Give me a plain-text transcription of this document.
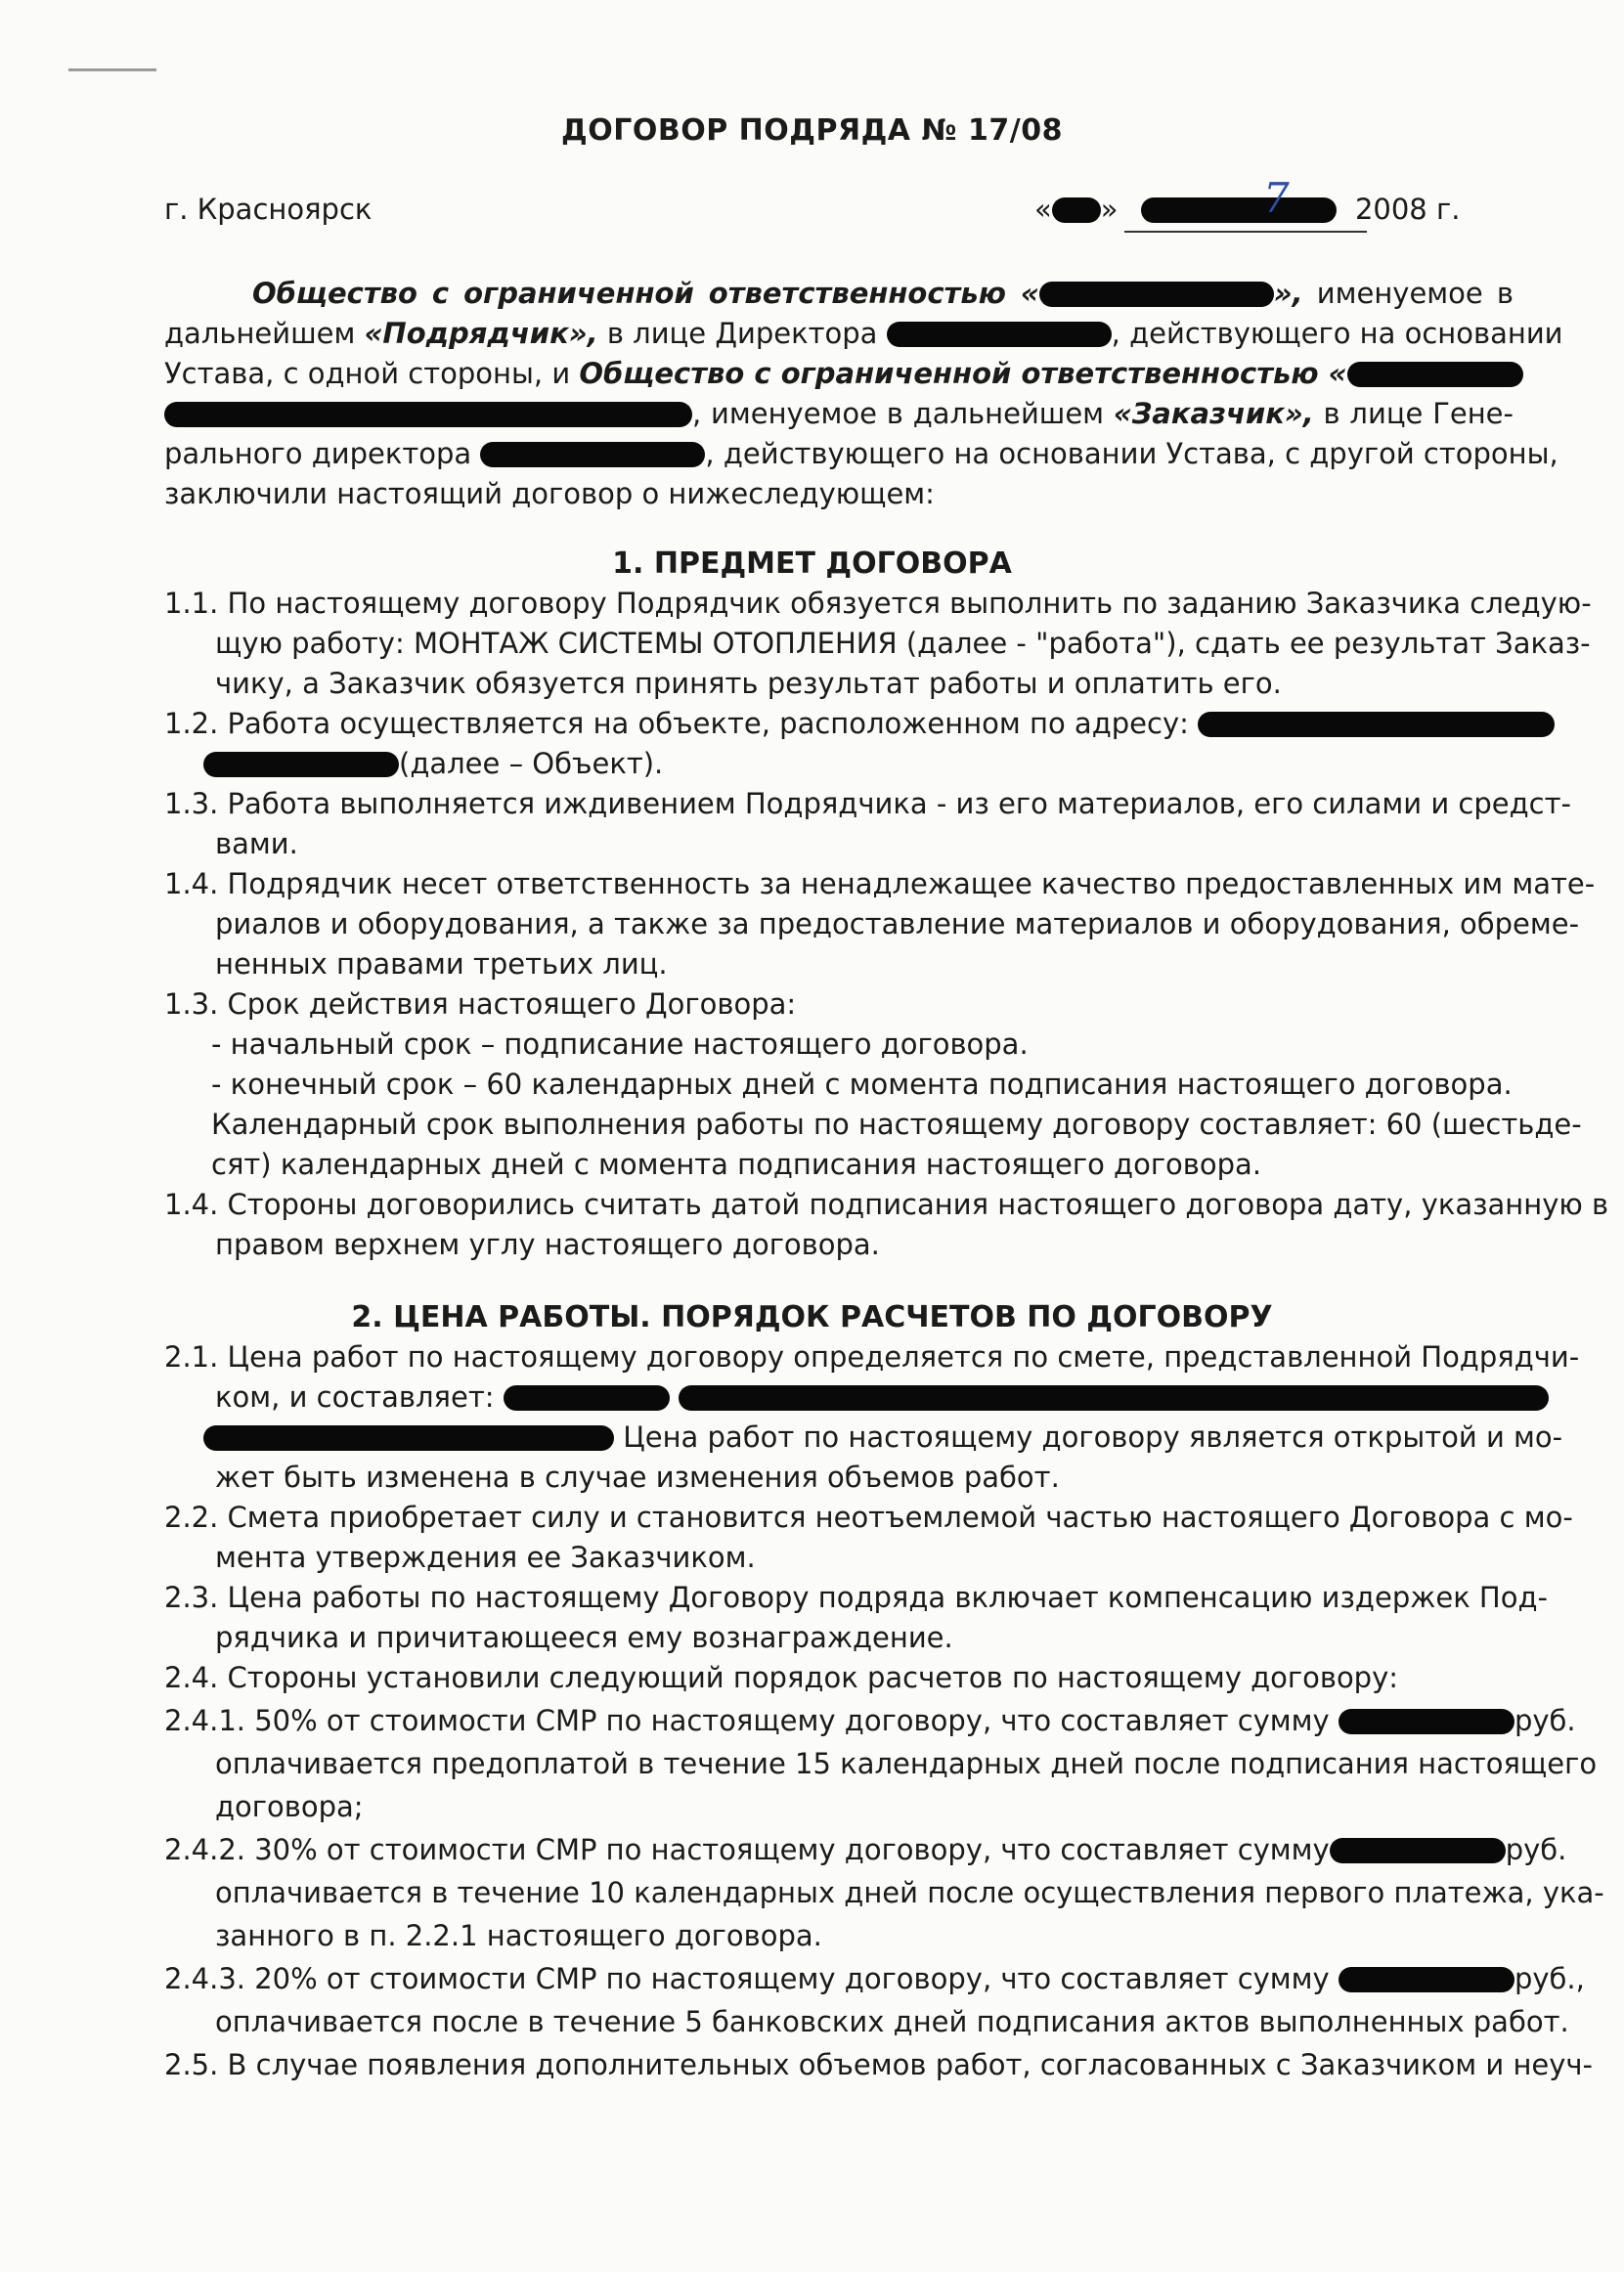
ДОГОВОР ПОДРЯДА № 17/08
г. Красноярск	« »	2008 г.
7
Общество с ограниченной ответственностью «	», именуемое в
дальнейшем «Подрядчик», в лице Директора	, действующего на основании
Устава, с одной стороны, и Общество с ограниченной ответственностью «
, именуемое в дальнейшем «Заказчик», в лице Гене-
рального директора	, действующего на основании Устава, с другой стороны,
заключили настоящий договор о нижеследующем:
1. ПРЕДМЕТ ДОГОВОРА
1.1. По настоящему договору Подрядчик обязуется выполнить по заданию Заказчика следую-
щую работу: МОНТАЖ СИСТЕМЫ ОТОПЛЕНИЯ (далее - "работа"), сдать ее результат Заказ-
чику, а Заказчик обязуется принять результат работы и оплатить его.
1.2. Работа осуществляется на объекте, расположенном по адресу:
(далее – Объект).
1.3. Работа выполняется иждивением Подрядчика - из его материалов, его силами и средст-
вами.
1.4. Подрядчик несет ответственность за ненадлежащее качество предоставленных им мате-
риалов и оборудования, а также за предоставление материалов и оборудования, обреме-
ненных правами третьих лиц.
1.3. Срок действия настоящего Договора:
- начальный срок – подписание настоящего договора.
- конечный срок – 60 календарных дней с момента подписания настоящего договора.
Календарный срок выполнения работы по настоящему договору составляет: 60 (шестьде-
сят) календарных дней с момента подписания настоящего договора.
1.4. Стороны договорились считать датой подписания настоящего договора дату, указанную в
правом верхнем углу настоящего договора.
2. ЦЕНА РАБОТЫ. ПОРЯДОК РАСЧЕТОВ ПО ДОГОВОРУ
2.1. Цена работ по настоящему договору определяется по смете, представленной Подрядчи-
ком, и составляет:
Цена работ по настоящему договору является открытой и мо-
жет быть изменена в случае изменения объемов работ.
2.2. Смета приобретает силу и становится неотъемлемой частью настоящего Договора с мо-
мента утверждения ее Заказчиком.
2.3. Цена работы по настоящему Договору подряда включает компенсацию издержек Под-
рядчика и причитающееся ему вознаграждение.
2.4. Стороны установили следующий порядок расчетов по настоящему договору:
2.4.1. 50% от стоимости СМР по настоящему договору, что составляет сумму	руб.
оплачивается предоплатой в течение 15 календарных дней после подписания настоящего
договора;
2.4.2. 30% от стоимости СМР по настоящему договору, что составляет сумму	руб.
оплачивается в течение 10 календарных дней после осуществления первого платежа, ука-
занного в п. 2.2.1 настоящего договора.
2.4.3. 20% от стоимости СМР по настоящему договору, что составляет сумму	руб.,
оплачивается после в течение 5 банковских дней подписания актов выполненных работ.
2.5. В случае появления дополнительных объемов работ, согласованных с Заказчиком и неуч-
